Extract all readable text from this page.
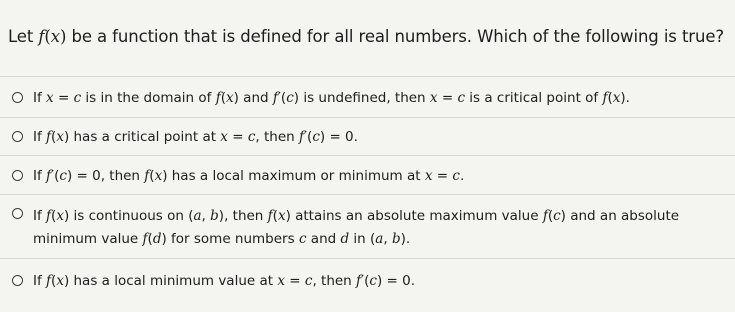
Let f(x) be a function that is defined for all real numbers. Which of the following is true?
If x = c is in the domain of f(x) and f′(c) is undefined, then x = c is a critical point of f(x).
If f(x) has a critical point at x = c, then f′(c) = 0.
If f′(c) = 0, then f(x) has a local maximum or minimum at x = c.
If f(x) is continuous on (a, b), then f(x) attains an absolute maximum value f(c) and an absolute minimum value f(d) for some numbers c and d in (a, b).
If f(x) has a local minimum value at x = c, then f′(c) = 0.
